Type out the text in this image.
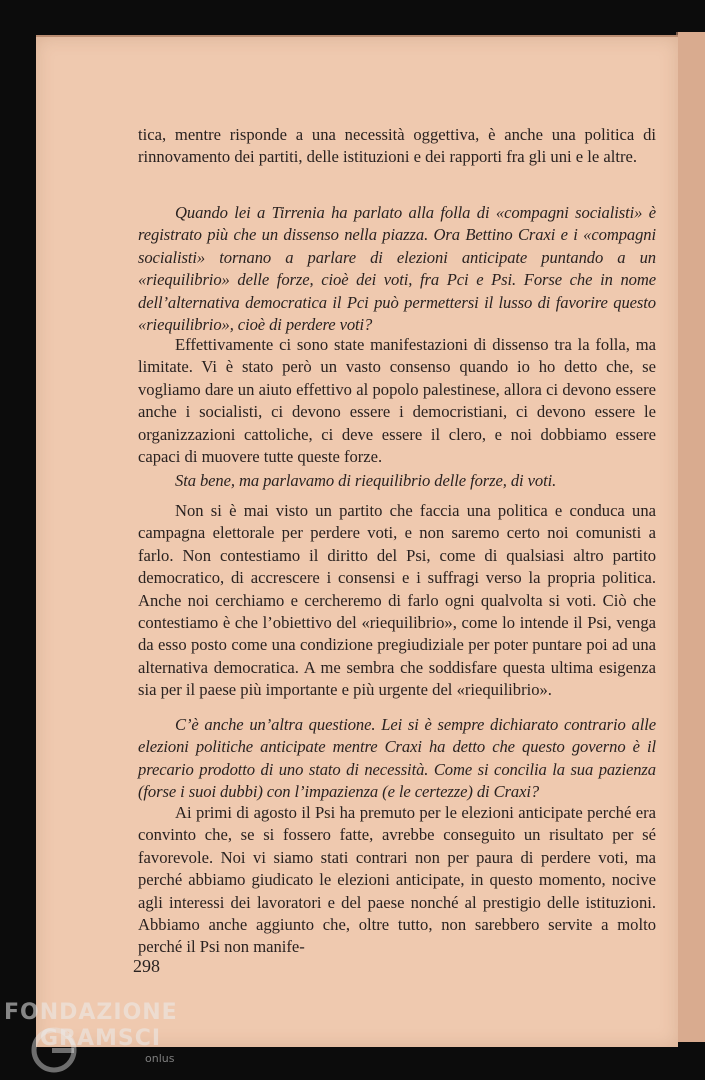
tica, mentre risponde a una necessità oggettiva, è anche una politica di rinnovamento dei partiti, delle istituzioni e dei rapporti fra gli uni e le altre.

Quando lei a Tirrenia ha parlato alla folla di «compagni socialisti» è registrato più che un dissenso nella piazza. Ora Bettino Craxi e i «compagni socialisti» tornano a parlare di elezioni anticipate puntando a un «riequilibrio» delle forze, cioè dei voti, fra Pci e Psi. Forse che in nome dell’alternativa democratica il Pci può permettersi il lusso di favorire questo «riequilibrio», cioè di perdere voti?

Effettivamente ci sono state manifestazioni di dissenso tra la folla, ma limitate. Vi è stato però un vasto consenso quando io ho detto che, se vogliamo dare un aiuto effettivo al popolo palestinese, allora ci devono essere anche i socialisti, ci devono essere i democristiani, ci devono essere le organizzazioni cattoliche, ci deve essere il clero, e noi dobbiamo essere capaci di muovere tutte queste forze.

Sta bene, ma parlavamo di riequilibrio delle forze, di voti.

Non si è mai visto un partito che faccia una politica e conduca una campagna elettorale per perdere voti, e non saremo certo noi comunisti a farlo. Non contestiamo il diritto del Psi, come di qualsiasi altro partito democratico, di accrescere i consensi e i suffragi verso la propria politica. Anche noi cerchiamo e cercheremo di farlo ogni qualvolta si voti. Ciò che contestiamo è che l’obiettivo del «riequilibrio», come lo intende il Psi, venga da esso posto come una condizione pregiudiziale per poter puntare poi ad una alternativa democratica. A me sembra che soddisfare questa ultima esigenza sia per il paese più importante e più urgente del «riequilibrio».

C’è anche un’altra questione. Lei si è sempre dichiarato contrario alle elezioni politiche anticipate mentre Craxi ha detto che questo governo è il precario prodotto di uno stato di necessità. Come si concilia la sua pazienza (forse i suoi dubbi) con l’impazienza (e le certezze) di Craxi?

Ai primi di agosto il Psi ha premuto per le elezioni anticipate perché era convinto che, se si fossero fatte, avrebbe conseguito un risultato per sé favorevole. Noi vi siamo stati contrari non per paura di perdere voti, ma perché abbiamo giudicato le elezioni anticipate, in questo momento, nocive agli interessi dei lavoratori e del paese nonché al prestigio delle istituzioni. Abbiamo anche aggiunto che, oltre tutto, non sarebbero servite a molto perché il Psi non manife-

298
FONDAZIONE
GRAMSCI
onlus
